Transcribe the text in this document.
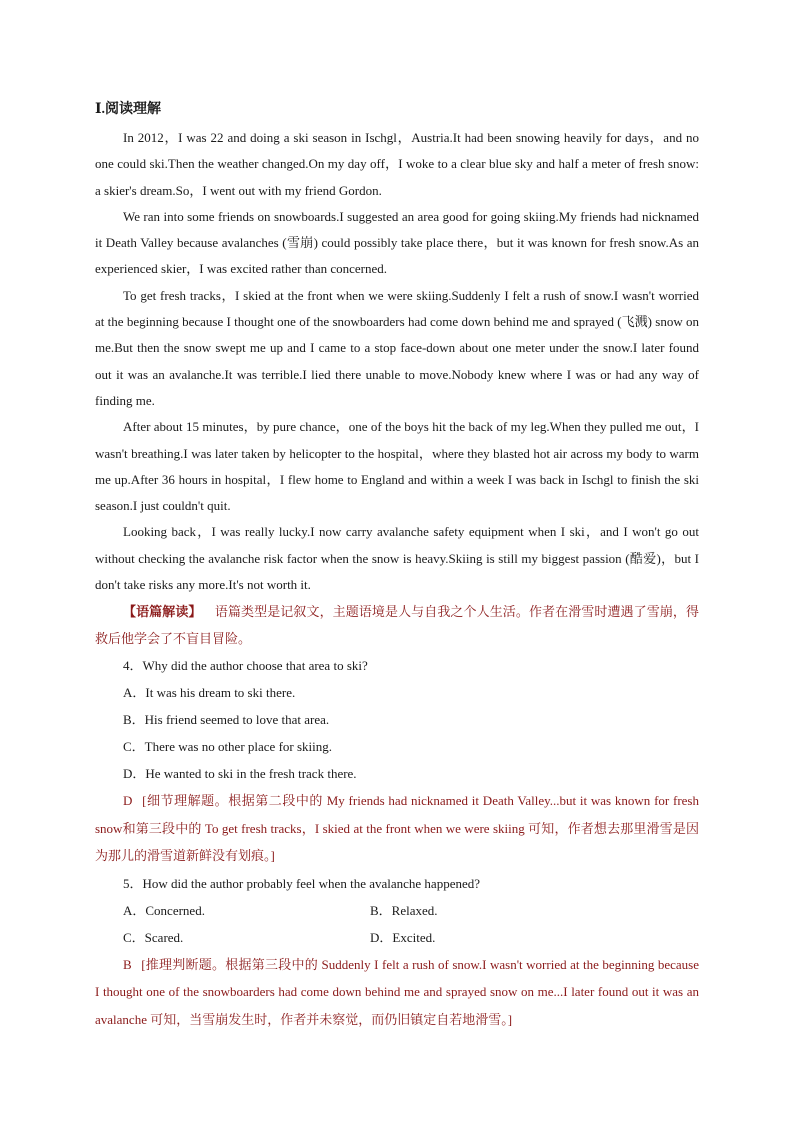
Ⅰ.阅读理解

In 2012，I was 22 and doing a ski season in Ischgl，Austria.It had been snowing heavily for days，and no one could ski.Then the weather changed.On my day off，I woke to a clear blue sky and half a meter of fresh snow: a skier's dream.So，I went out with my friend Gordon.

We ran into some friends on snowboards.I suggested an area good for going skiing.My friends had nicknamed it Death Valley because avalanches (雪崩) could possibly take place there，but it was known for fresh snow.As an experienced skier，I was excited rather than concerned.

To get fresh tracks，I skied at the front when we were skiing.Suddenly I felt a rush of snow.I wasn't worried at the beginning because I thought one of the snowboarders had come down behind me and sprayed (飞溅) snow on me.But then the snow swept me up and I came to a stop face-down about one meter under the snow.I later found out it was an avalanche.It was terrible.I lied there unable to move.Nobody knew where I was or had any way of finding me.

After about 15 minutes，by pure chance，one of the boys hit the back of my leg.When they pulled me out，I wasn't breathing.I was later taken by helicopter to the hospital，where they blasted hot air across my body to warm me up.After 36 hours in hospital，I flew home to England and within a week I was back in Ischgl to finish the ski season.I just couldn't quit.

Looking back，I was really lucky.I now carry avalanche safety equipment when I ski，and I won't go out without checking the avalanche risk factor when the snow is heavy.Skiing is still my biggest passion (酷爱)，but I don't take risks any more.It's not worth it.

【语篇解读】 语篇类型是记叙文，主题语境是人与自我之个人生活。作者在滑雪时遭遇了雪崩，得救后他学会了不盲目冒险。

4．Why did the author choose that area to ski?
A．It was his dream to ski there.
B．His friend seemed to love that area.
C．There was no other place for skiing.
D．He wanted to ski in the fresh track there.

D [细节理解题。根据第二段中的 My friends had nicknamed it Death Valley...but it was known for fresh snow和第三段中的 To get fresh tracks，I skied at the front when we were skiing 可知，作者想去那里滑雪是因为那儿的滑雪道新鲜没有划痕。]

5．How did the author probably feel when the avalanche happened?
A．Concerned.	B．Relaxed.
C．Scared.	D．Excited.

B [推理判断题。根据第三段中的 Suddenly I felt a rush of snow.I wasn't worried at the beginning because I thought one of the snowboarders had come down behind me and sprayed snow on me...I later found out it was an avalanche 可知，当雪崩发生时，作者并未察觉，而仍旧镇定自若地滑雪。]
